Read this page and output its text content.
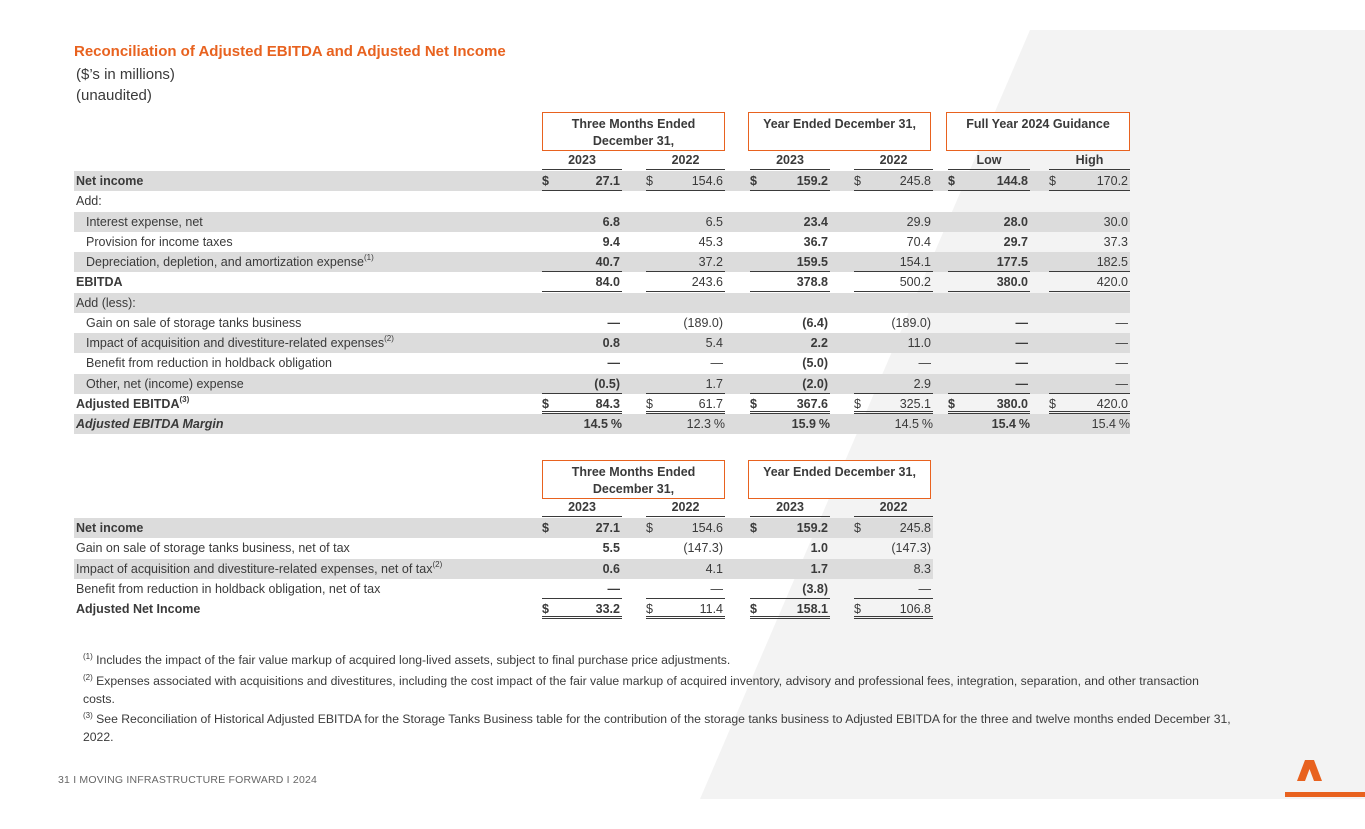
Reconciliation of Adjusted EBITDA and Adjusted Net Income
($’s in millions)
(unaudited)
Three Months Ended December 31,
Year Ended December 31,	Full Year 2024 Guidance
2023	2022	2023	2022	Low	High
Net income	$	27.1 $	154.6 $	159.2 $	245.8 $	144.8 $	170.2
Add:
Interest expense, net	6.8	6.5	23.4	29.9	28.0	30.0
Provision for income taxes	9.4	45.3	36.7	70.4	29.7	37.3
Depreciation, depletion, and amortization expense$^{(1)}$	40.7	37.2	159.5	154.1	177.5	182.5
EBITDA	84.0	243.6	378.8	500.2	380.0	420.0
Add (less):
Gain on sale of storage tanks business	—	(189.0)	(6.4)	(189.0)	—	—
Impact of acquisition and divestiture-related expenses$^{(2)}$	0.8	5.4	2.2	11.0	—	—
Benefit from reduction in holdback obligation	—	—	(5.0)	—	—	—
Other, net (income) expense	(0.5)	1.7	(2.0)	2.9	—	—
Adjusted EBITDA$^{(3)}$	$	84.3 $	61.7 $	367.6 $	325.1 $	380.0 $	420.0
Adjusted EBITDA Margin	14.5 %	12.3 %	15.9 %	14.5 %	15.4 %	15.4 %
Three Months Ended December 31,
Year Ended December 31,
2023	2022	2023	2022
Net income	$	27.1 $	154.6 $	159.2 $	245.8
Gain on sale of storage tanks business, net of tax	5.5	(147.3)	1.0	(147.3)
Impact of acquisition and divestiture-related expenses, net of tax$^{(2)}$	0.6	4.1	1.7	8.3
Benefit from reduction in holdback obligation, net of tax	—	—	(3.8)	—
Adjusted Net Income	$	33.2 $	11.4 $	158.1 $	106.8
$^{(1)}$ Includes the impact of the fair value markup of acquired long-lived assets, subject to final purchase price adjustments.
$^{(2)}$ Expenses associated with acquisitions and divestitures, including the cost impact of the fair value markup of acquired inventory, advisory and professional fees, integration, separation, and other transaction costs.
$^{(3)}$ See Reconciliation of Historical Adjusted EBITDA for the Storage Tanks Business table for the contribution of the storage tanks business to Adjusted EBITDA for the three and twelve months ended December 31, 2022.
31 I MOVING INFRASTRUCTURE FORWARD I 2024
